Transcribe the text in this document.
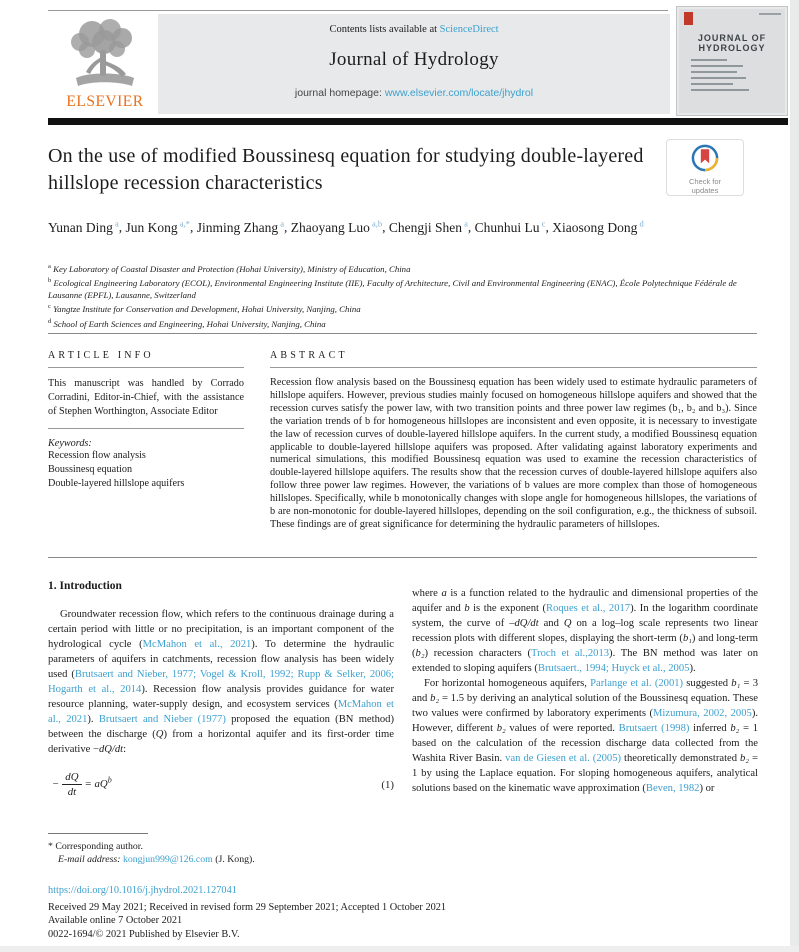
ELSEVIER
Contents lists available at ScienceDirect
Journal of Hydrology
journal homepage: www.elsevier.com/locate/jhydrol
JOURNAL OF
HYDROLOGY
On the use of modified Boussinesq equation for studying double-layered hillslope recession characteristics	Check for
updates
Yunan Ding $^a$, Jun Kong $^{a,*}$, Jinming Zhang $^a$, Zhaoyang Luo $^{a,b}$, Chengji Shen $^a$, Chunhui Lu $^c$, Xiaosong Dong $^d$
$^a$ Key Laboratory of Coastal Disaster and Protection (Hohai University), Ministry of Education, China
$^b$ Ecological Engineering Laboratory (ECOL), Environmental Engineering Institute (IIE), Faculty of Architecture, Civil and Environmental Engineering (ENAC), École Polytechnique Fédérale de Lausanne (EPFL), Lausanne, Switzerland
$^c$ Yangtze Institute for Conservation and Development, Hohai University, Nanjing, China
$^d$ School of Earth Sciences and Engineering, Hohai University, Nanjing, China
ARTICLE INFO
This manuscript was handled by Corrado Corradini, Editor-in-Chief, with the assistance of Stephen Worthington, Associate Editor
Keywords:
Recession flow analysis
Boussinesq equation
Double-layered hillslope aquifers
ABSTRACT
Recession flow analysis based on the Boussinesq equation has been widely used to estimate hydraulic parameters of hillslope aquifers. However, previous studies mainly focused on homogeneous hillslope aquifers and showed that the recession curves satisfy the power law, with two transition points and three power law regimes (b₁, b₂ and b₃). Since the variation trends of b for homogeneous hillslopes are inconsistent and even opposite, it is necessary to investigate the law of recession curves of double-layered hillslope aquifers. In the current study, a modified Boussinesq equation applicable to double-layered hillslope aquifers was proposed. After validating against laboratory experiments and numerical simulations, this modified Boussinesq equation was used to examine the recession characteristics of double-layered hillslope aquifers. The results show that the recession curves of double-layered hillslope aquifers also follow three power law regimes. However, the variations of b values are more complex than those of homogeneous hillslopes. Specifically, while b monotonically changes with slope angle for homogeneous hillslopes, the variations of b are non-monotonic for double-layered hillslopes, depending on the soil configuration, e.g., the thickness of subsoil. These findings are of great significance for determining the hydraulic parameters of hillslopes.
1. Introduction

Groundwater recession flow, which refers to the continuous drainage during a certain period with little or no precipitation, is an important component of the hydrological cycle (McMahon et al., 2021). To determine the hydraulic parameters of aquifers in catchments, recession flow analysis has been widely used (Brutsaert and Nieber, 1977; Vogel & Kroll, 1992; Rupp & Selker, 2006; Hogarth et al., 2014). Recession flow analysis provides guidance for water resource planning, water-supply design, and ecosystem services (McMahon et al., 2021). Brutsaert and Nieber (1977) proposed the equation (BN method) between the discharge (Q) from a horizontal aquifer and its first-order time derivative −dQ/dt:

− $\frac{dQ}{dt} = aQ^b$	(1)

where a is a function related to the hydraulic and dimensional properties of the aquifer and b is the exponent (Roques et al., 2017). In the logarithm coordinate system, the curve of –dQ/dt and Q on a log–log scale represents two linear recession plots with different slopes, displaying the short-term (b₁) and long-term (b₂) recession characters (Troch et al.,2013). The BN method was later on extended to sloping aquifers (Brutsaert., 1994; Huyck et al., 2005).

For horizontal homogeneous aquifers, Parlange et al. (2001) suggested b₁ = 3 and b₂ = 1.5 by deriving an analytical solution of the Boussinesq equation. These two values were confirmed by laboratory experiments (Mizumura, 2002, 2005). However, different b₂ values of were reported. Brutsaert (1998) inferred b₂ = 1 based on the calculation of the recession discharge data collected from the Washita River Basin. van de Giesen et al. (2005) theoretically demonstrated b₂ = 1 by using the Laplace equation. For sloping homogeneous aquifers, analytical solutions based on the kinematic wave approximation (Beven, 1982) or

* Corresponding author.
E-mail address: kongjun999@126.com (J. Kong).
https://doi.org/10.1016/j.jhydrol.2021.127041
Received 29 May 2021; Received in revised form 29 September 2021; Accepted 1 October 2021
Available online 7 October 2021
0022-1694/© 2021 Published by Elsevier B.V.
